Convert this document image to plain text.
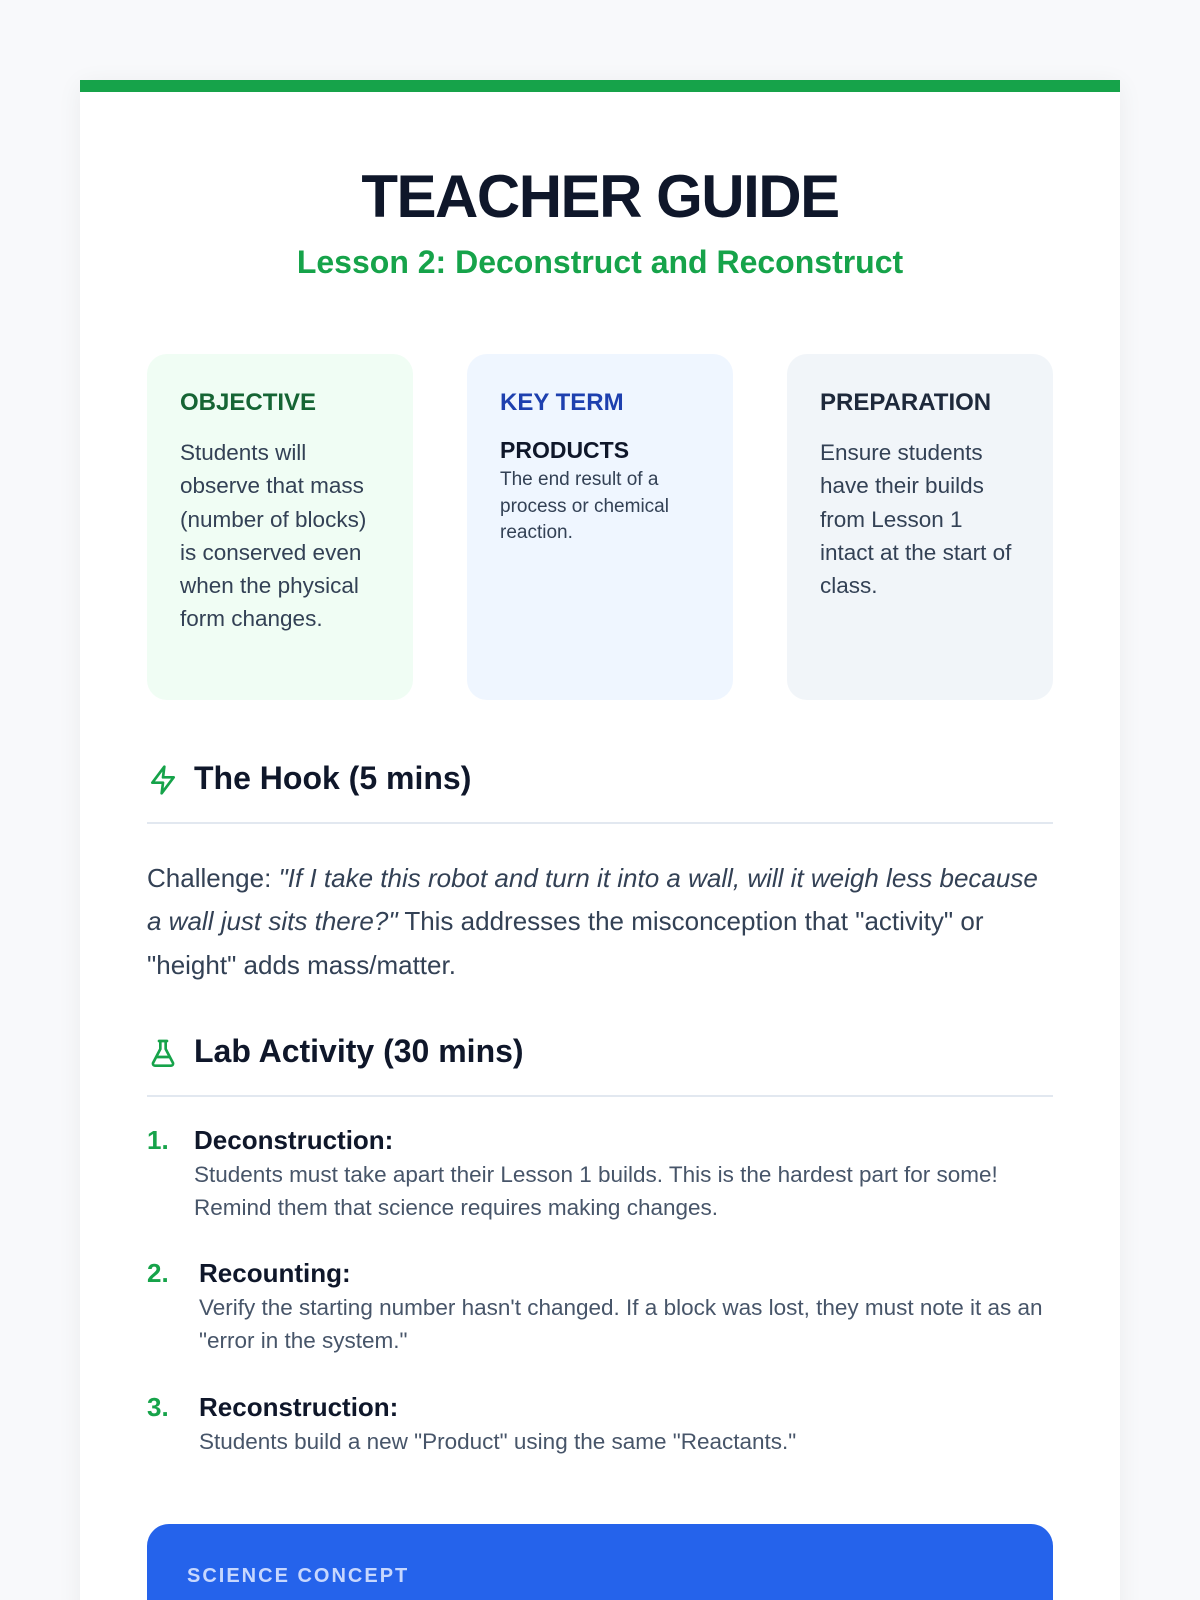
TEACHER GUIDE
Lesson 2: Deconstruct and Reconstruct
OBJECTIVE
Students will observe that mass (number of blocks) is conserved even when the physical form changes.
KEY TERM
PRODUCTS
The end result of a process or chemical reaction.
PREPARATION
Ensure students have their builds from Lesson 1 intact at the start of class.
The Hook (5 mins)

Challenge: "If I take this robot and turn it into a wall, will it weigh less because a wall just sits there?" This addresses the misconception that "activity" or "height" adds mass/matter.

Lab Activity (30 mins)
1. Deconstruction:
Students must take apart their Lesson 1 builds. This is the hardest part for some! Remind them that science requires making changes.
2. Recounting:
Verify the starting number hasn't changed. If a block was lost, they must note it as an "error in the system."
3. Reconstruction:
Students build a new "Product" using the same "Reactants."
SCIENCE CONCEPT
